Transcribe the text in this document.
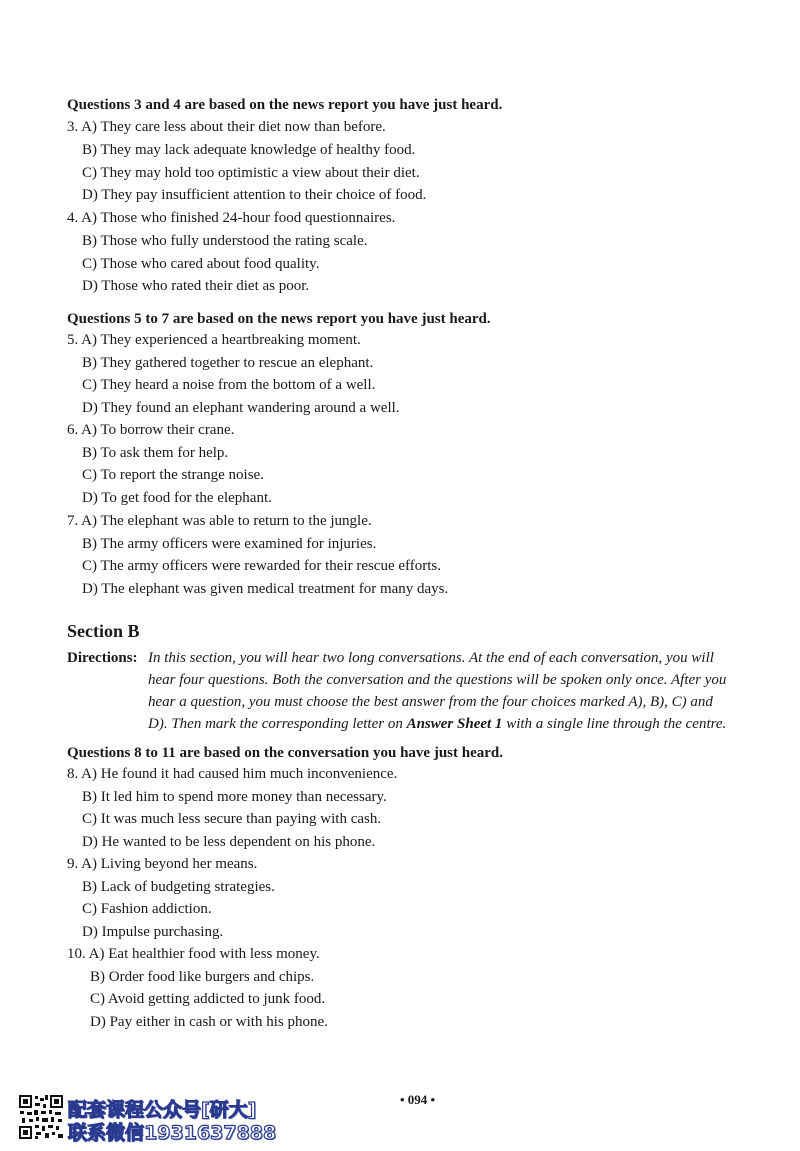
Questions 3 and 4 are based on the news report you have just heard.
3. A) They care less about their diet now than before.
B) They may lack adequate knowledge of healthy food.
C) They may hold too optimistic a view about their diet.
D) They pay insufficient attention to their choice of food.
4. A) Those who finished 24-hour food questionnaires.
B) Those who fully understood the rating scale.
C) Those who cared about food quality.
D) Those who rated their diet as poor.
Questions 5 to 7 are based on the news report you have just heard.
5. A) They experienced a heartbreaking moment.
B) They gathered together to rescue an elephant.
C) They heard a noise from the bottom of a well.
D) They found an elephant wandering around a well.
6. A) To borrow their crane.
B) To ask them for help.
C) To report the strange noise.
D) To get food for the elephant.
7. A) The elephant was able to return to the jungle.
B) The army officers were examined for injuries.
C) The army officers were rewarded for their rescue efforts.
D) The elephant was given medical treatment for many days.
Section B
Directions: In this section, you will hear two long conversations. At the end of each conversation, you will
hear four questions. Both the conversation and the questions will be spoken only once. After you
hear a question, you must choose the best answer from the four choices marked A), B), C) and
D). Then mark the corresponding letter on Answer Sheet 1 with a single line through the centre.
Questions 8 to 11 are based on the conversation you have just heard.
8. A) He found it had caused him much inconvenience.
B) It led him to spend more money than necessary.
C) It was much less secure than paying with cash.
D) He wanted to be less dependent on his phone.
9. A) Living beyond her means.
B) Lack of budgeting strategies.
C) Fashion addiction.
D) Impulse purchasing.
10. A) Eat healthier food with less money.
B) Order food like burgers and chips.
C) Avoid getting addicted to junk food.
D) Pay either in cash or with his phone.
• 094 •
配套课程公众号[研大]
联系微信1931637888
